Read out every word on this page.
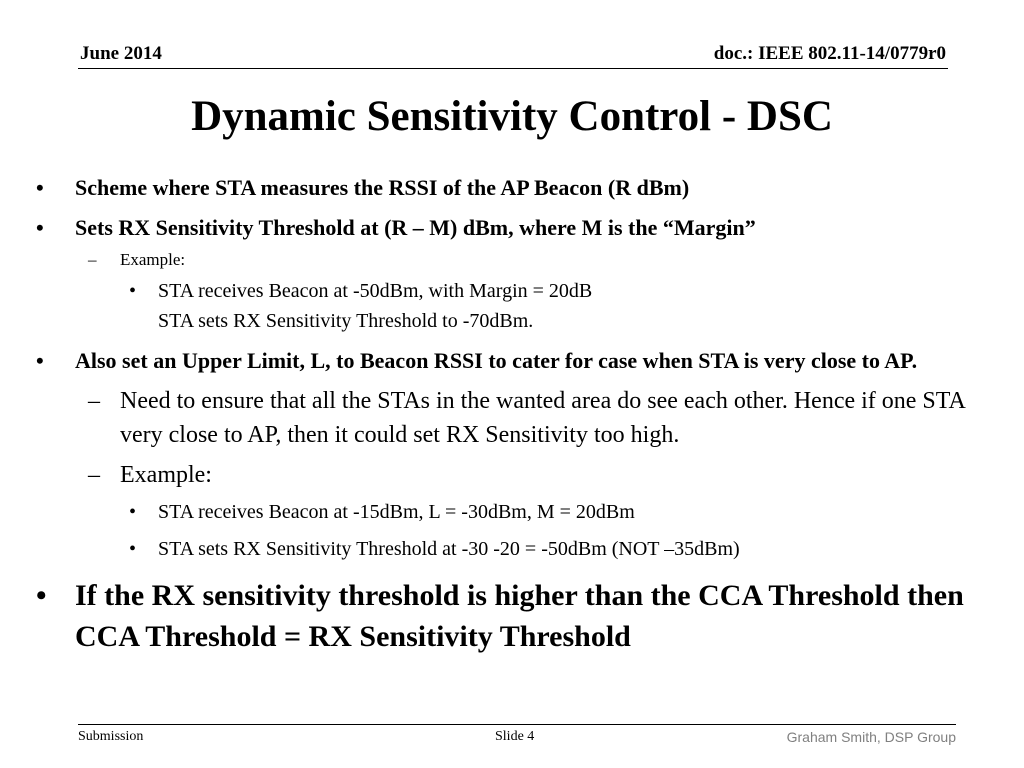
June 2014	doc.: IEEE 802.11-14/0779r0
Dynamic Sensitivity Control - DSC
• Scheme where STA measures the RSSI of the AP Beacon (R dBm)
• Sets RX Sensitivity Threshold at (R – M) dBm, where M is the “Margin”
– Example:
• STA receives Beacon at -50dBm, with Margin = 20dB
STA sets RX Sensitivity Threshold to -70dBm.
• Also set an Upper Limit, L, to Beacon RSSI to cater for case when STA is very close to AP.
– Need to ensure that all the STAs in the wanted area do see each other. Hence if one STA very close to AP, then it could set RX Sensitivity too high.
– Example:
• STA receives Beacon at -15dBm, L = -30dBm, M = 20dBm
• STA sets RX Sensitivity Threshold at -30 -20 = -50dBm (NOT –35dBm)
• If the RX sensitivity threshold is higher than the CCA Threshold then CCA Threshold = RX Sensitivity Threshold
Submission	Slide 4	Graham Smith, DSP Group
